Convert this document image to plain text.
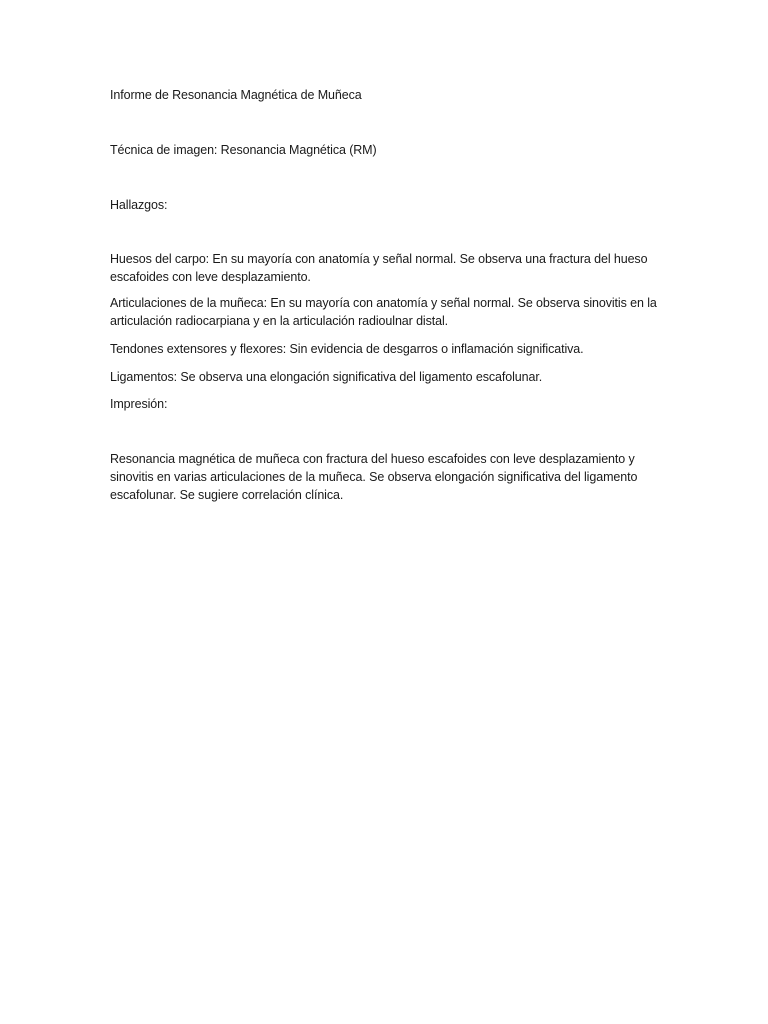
Informe de Resonancia Magnética de Muñeca
Técnica de imagen: Resonancia Magnética (RM)
Hallazgos:
Huesos del carpo: En su mayoría con anatomía y señal normal. Se observa una fractura del hueso escafoides con leve desplazamiento.
Articulaciones de la muñeca: En su mayoría con anatomía y señal normal. Se observa sinovitis en la articulación radiocarpiana y en la articulación radioulnar distal.
Tendones extensores y flexores: Sin evidencia de desgarros o inflamación significativa.
Ligamentos: Se observa una elongación significativa del ligamento escafolunar.
Impresión:
Resonancia magnética de muñeca con fractura del hueso escafoides con leve desplazamiento y sinovitis en varias articulaciones de la muñeca. Se observa elongación significativa del ligamento escafolunar. Se sugiere correlación clínica.
